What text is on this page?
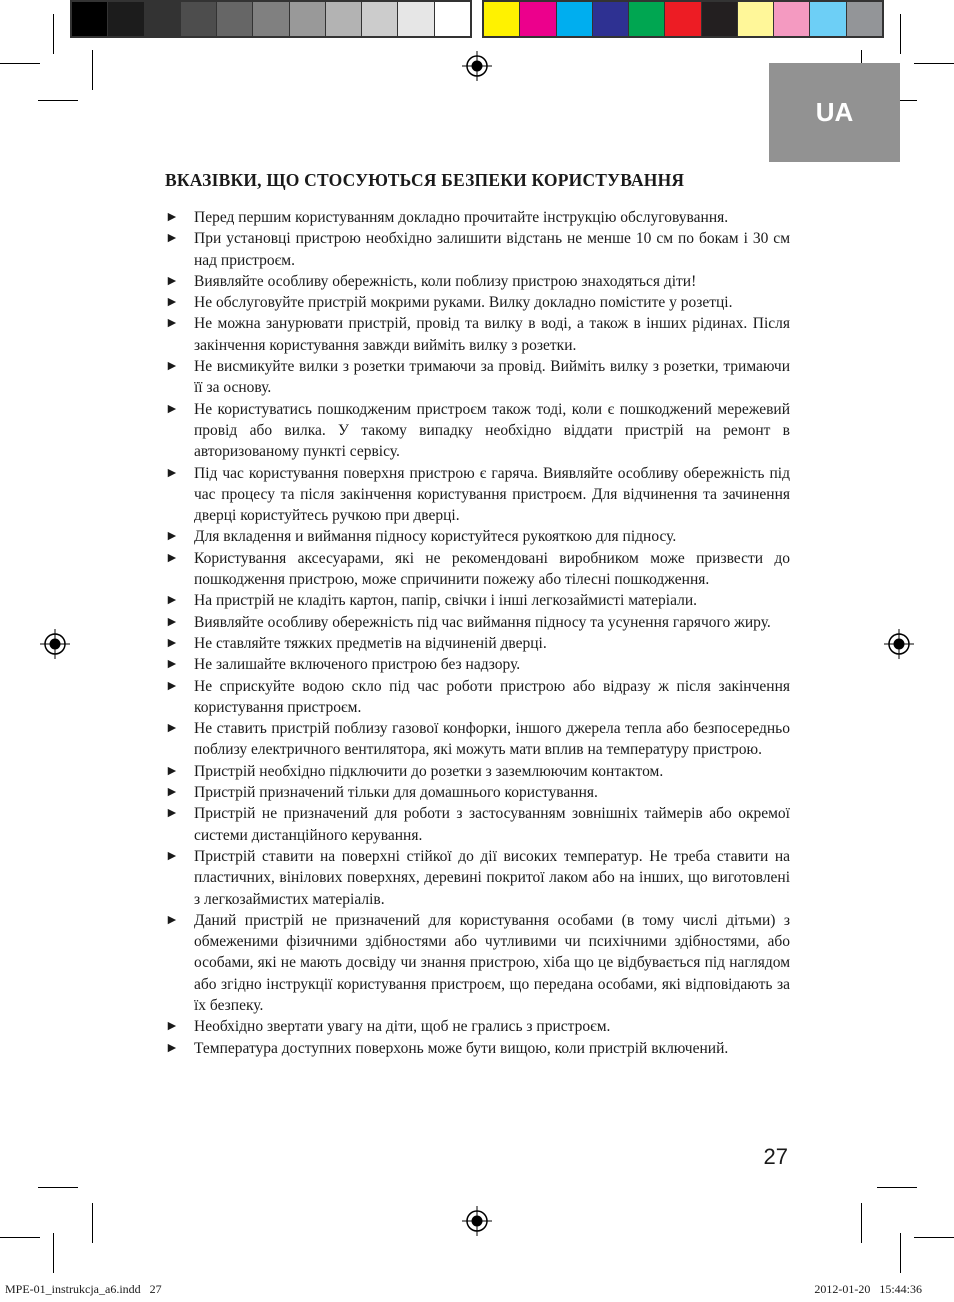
UA
ВКАЗІВКИ, ЩО СТОСУЮТЬСЯ БЕЗПЕКИ КОРИСТУВАННЯ
► Перед першим користуванням докладно прочитайте інструкцію обслуговування.
► При установці пристрою необхідно залишити відстань не менше 10 см по бокам і 30 см над пристроєм.
► Виявляйте особливу обережність, коли поблизу пристрою знаходяться діти!
► Не обслуговуйте пристрій мокрими руками. Вилку докладно помістите у розетці.
► Не можна занурювати пристрій, провід та вилку в воді, а також в інших рідинах. Після закінчення користування завжди вийміть вилку з розетки.
► Не висмикуйте вилки з розетки тримаючи за провід. Вийміть вилку з розетки, тримаючи її за основу.
► Не користуватись пошкодженим пристроєм також тоді, коли є пошкоджений мережевий провід або вилка. У такому випадку необхідно віддати пристрій на ремонт в авторизованому пункті сервісу.
► Під час користування поверхня пристрою є гаряча. Виявляйте особливу обережність під час процесу та після закінчення користування пристроєм. Для відчинення та зачинення дверці користуйтесь ручкою при дверці.
► Для вкладення и виймання підносу користуйтеся рукояткою для підносу.
► Користування аксесуарами, які не рекомендовані виробником може призвести до пошкодження пристрою, може спричинити пожежу або тілесні пошкодження.
► На пристрій не кладіть картон, папір, свічки і інші легкозаймисті матеріали.
► Виявляйте особливу обережність під час виймання підносу та усунення гарячого жиру.
► Не ставляйте тяжких предметів на відчиненій дверці.
► Не залишайте включеного пристрою без надзору.
► Не сприскуйте водою скло під час роботи пристрою або відразу ж після закінчення користування пристроєм.
► Не ставить пристрій поблизу газової конфорки, іншого джерела тепла або безпосередньо поблизу електричного вентилятора, які можуть мати вплив на температуру пристрою.
► Пристрій необхідно підключити до розетки з заземлюючим контактом.
► Пристрій призначений тільки для домашнього користування.
► Пристрій не призначений для роботи з застосуванням зовнішніх таймерів або окремої системи дистанційного керування.
► Пристрій ставити на поверхні стійкої до дії високих температур. Не треба ставити на пластичних, вінілових поверхнях, деревині покритої лаком або на інших, що виготовлені з легкозаймистих матеріалів.
► Даний пристрій не призначений для користування особами (в тому числі дітьми) з обмеженими фізичними здібностями або чутливими чи психічними здібностями, або особами, які не мають досвіду чи знання пристрою, хіба що це відбувається під наглядом або згідно інструкції користування пристроєм, що передана особами, які відповідають за їх безпеку.
► Необхідно звертати увагу на діти, щоб не грались з пристроєм.
► Температура доступних поверхонь може бути вищою, коли пристрій включений.
27
MPE-01_instrukcja_a6.indd   27	2012-01-20   15:44:36
